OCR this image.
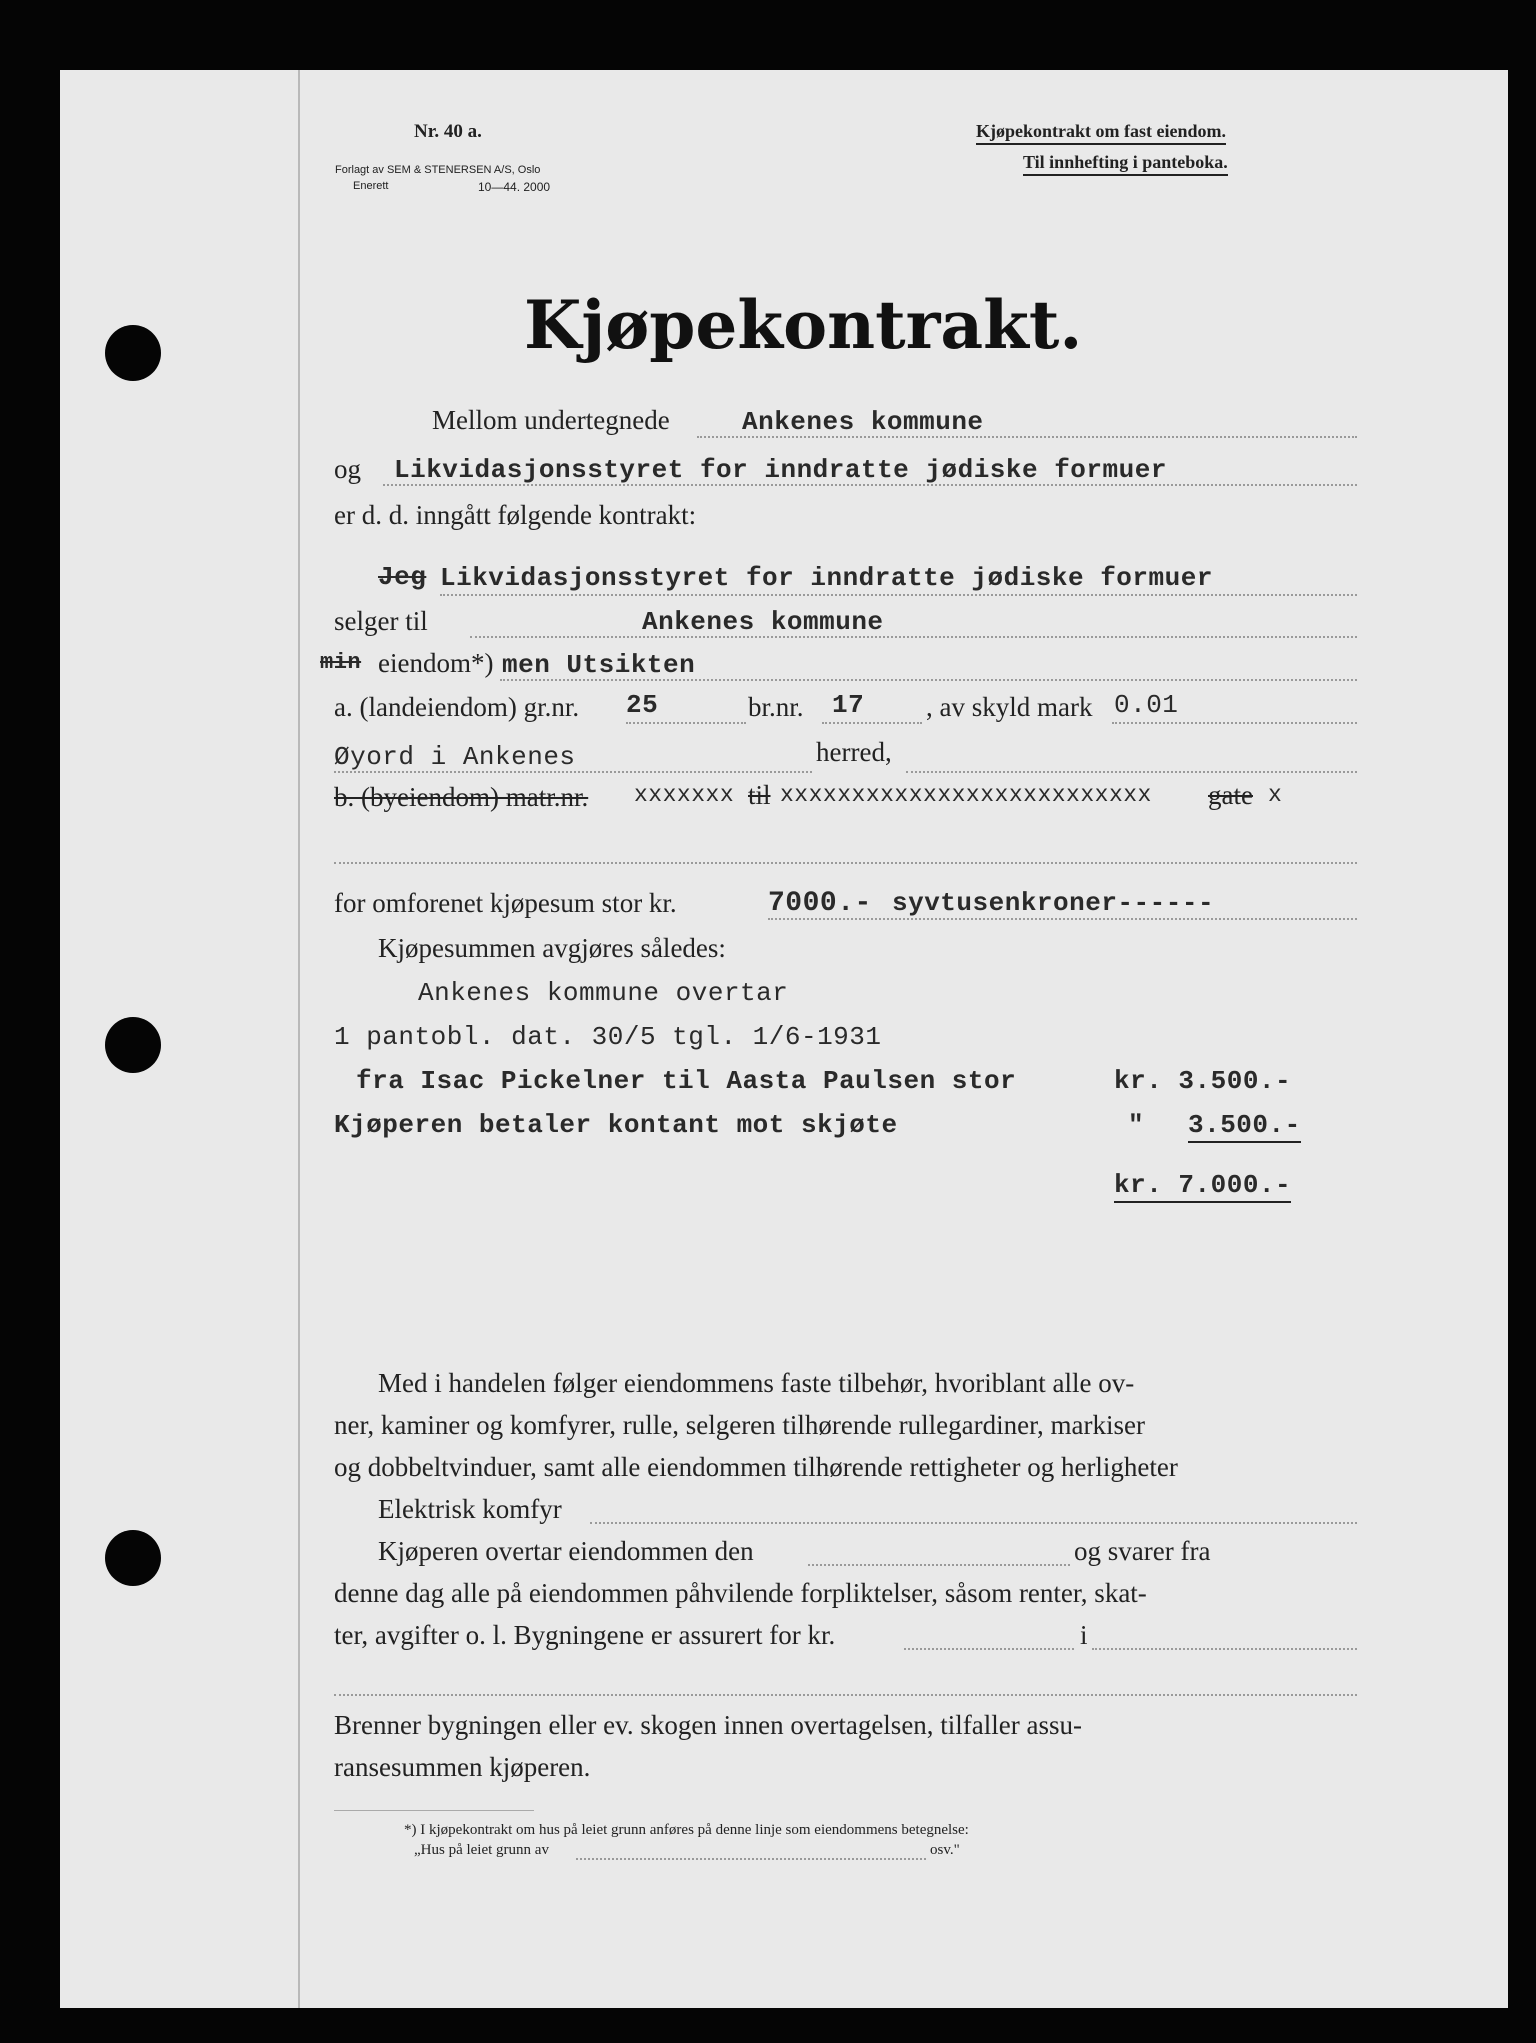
Nr. 40 a.
Forlagt av SEM & STENERSEN A/S, Oslo
Enerett	10—44. 2000
Kjøpekontrakt om fast eiendom.
Til innhefting i panteboka.
Kjøpekontrakt.
Mellom undertegnede	Ankenes kommune
og Likvidasjonsstyret for inndratte jødiske formuer
er d. d. inngått følgende kontrakt:
Jeg Likvidasjonsstyret for inndratte jødiske formuer
selger til	Ankenes kommune
min eiendom*) men Utsikten
a. (landeiendom) gr.nr. 25	br.nr. 17 , av skyld mark 0.01
Øyord i Ankenes	herred,
b. (byeiendom) matr.nr. xxxxxxx til xxxxxxxxxxxxxxxxxxxxxxxxxx gate x
for omforenet kjøpesum stor kr.	7000.- syvtusenkroner------
Kjøpesummen avgjøres således:
Ankenes kommune overtar
1 pantobl. dat. 30/5 tgl. 1/6-1931
fra Isac Pickelner til Aasta Paulsen stor	kr. 3.500.-
Kjøperen betaler kontant mot skjøte	" 3.500.-
kr. 7.000.-
Med i handelen følger eiendommens faste tilbehør, hvoriblant alle ov-
ner, kaminer og komfyrer, rulle, selgeren tilhørende rullegardiner, markiser
og dobbeltvinduer, samt alle eiendommen tilhørende rettigheter og herligheter
Elektrisk komfyr
Kjøperen overtar eiendommen den	og svarer fra
denne dag alle på eiendommen påhvilende forpliktelser, såsom renter, skat-
ter, avgifter o. l. Bygningene er assurert for kr.	i
Brenner bygningen eller ev. skogen innen overtagelsen, tilfaller assu-
ransesummen kjøperen.
*) I kjøpekontrakt om hus på leiet grunn anføres på denne linje som eiendommens betegnelse:
„Hus på leiet grunn av	osv."
